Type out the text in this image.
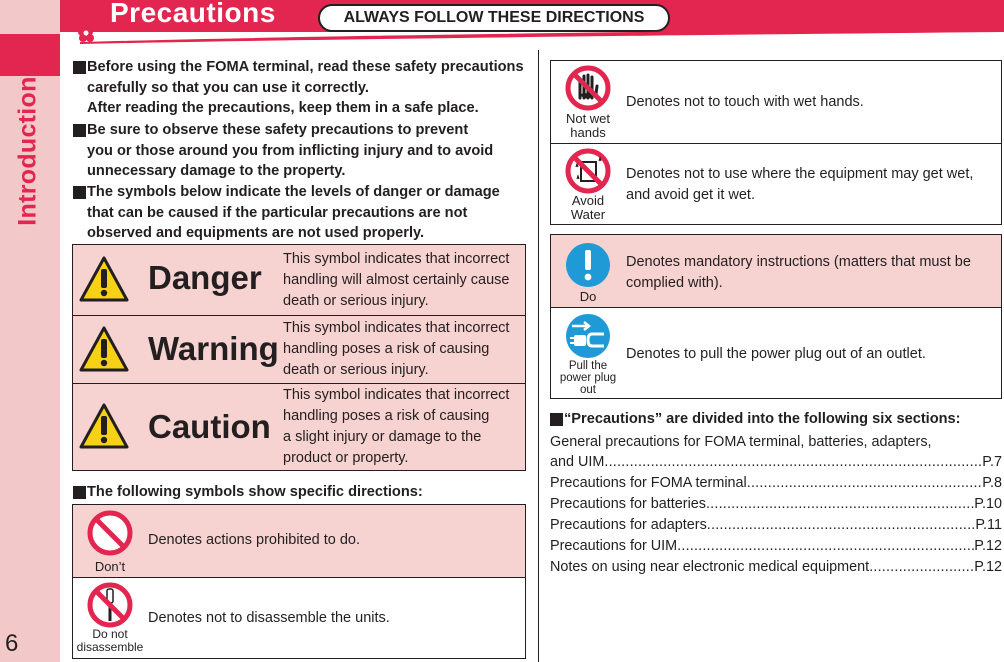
Introduction
6
Precautions	ALWAYS FOLLOW THESE DIRECTIONS

Before using the FOMA terminal, read these safety precautions

carefully so that you can use it correctly.

After reading the precautions, keep them in a safe place.

Be sure to observe these safety precautions to prevent

you or those around you from inflicting injury and to avoid

unnecessary damage to the property.

The symbols below indicate the levels of danger or damage

that can be caused if the particular precautions are not

observed and equipments are not used properly.

Danger This symbol indicates that incorrect
handling will almost certainly cause
death or serious injury.
Warning
This symbol indicates that incorrect
handling poses a risk of causing
death or serious injury.
Caution
This symbol indicates that incorrect
handling poses a risk of causing
a slight injury or damage to the
product or property.

The following symbols show specific directions:

Don’t
Denotes actions prohibited to do.
Do not
disassemble
Denotes not to disassemble the units.
Not wet
hands
Denotes not to touch with wet hands.
Avoid
Water
Denotes not to use where the equipment may get wet,
and avoid get it wet.
Do
Denotes mandatory instructions (matters that must be
complied with).
Pull the
power plug
out
Denotes to pull the power plug out of an outlet.

“Precautions” are divided into the following six sections:

General precautions for FOMA terminal, batteries, adapters,
and UIM .....	P.7
Precautions for FOMA terminal .....	P.8
Precautions for batteries .....	P.10
Precautions for adapters .....	P.11
Precautions for UIM .....	P.12
Notes on using near electronic medical equipment .....	P.12
